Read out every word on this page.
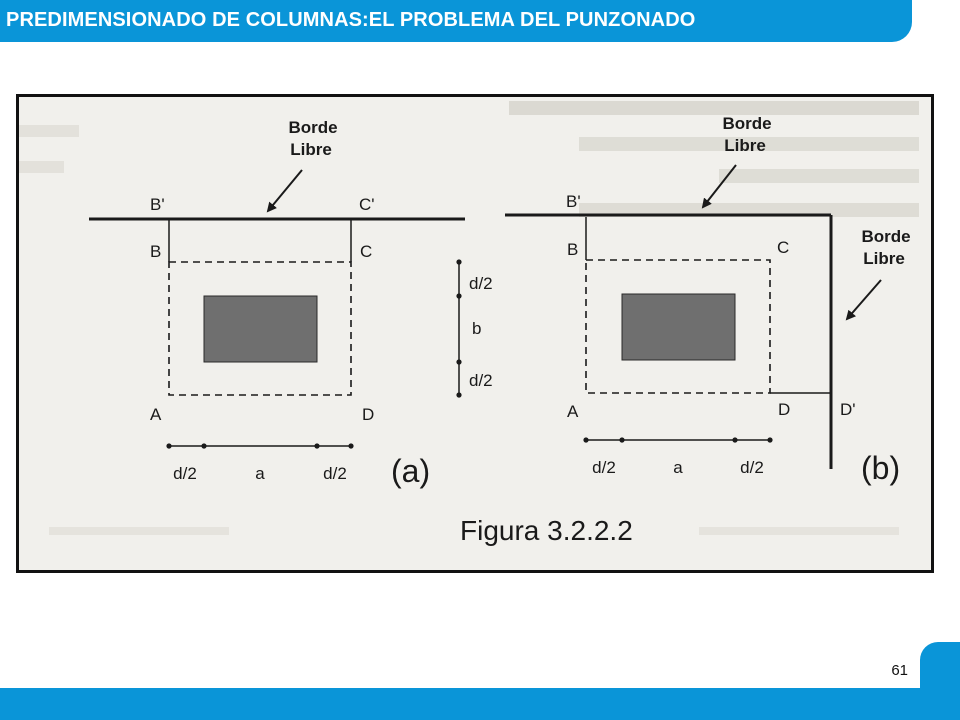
PREDIMENSIONADO DE COLUMNAS:EL PROBLEMA DEL PUNZONADO
Borde
Libre
B'	C'
B	C
A	D
d/2
b
d/2
d/2	a	d/2 (a)
Borde
Libre
Borde
Libre
B'
B	C
A	D	D'
d/2	a	d/2	(b)
Figura 3.2.2.2
61
